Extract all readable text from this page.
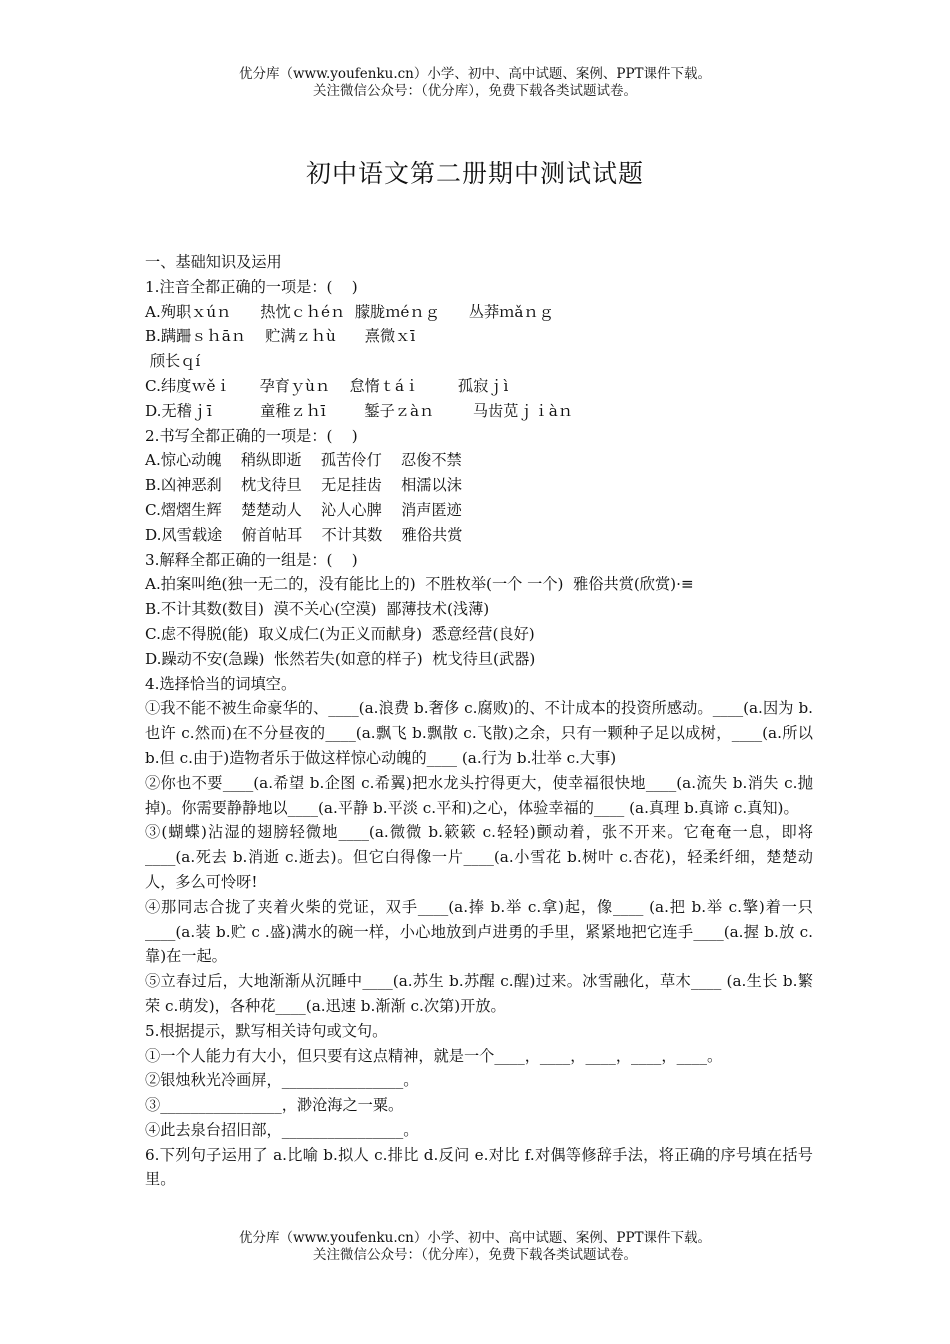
优分库（www.youfenku.cn）小学、初中、高中试题、案例、PPT课件下载。
关注微信公众号：（优分库），免费下载各类试题试卷。
初中语文第二册期中测试试题
一、基础知识及运用
1.注音全都正确的一项是：(    )
A.殉职ｘúｎ      热忱ｃｈéｎ  朦胧ｍéｎｇ      丛莽ｍǎｎｇ
B.蹒跚ｓｈāｎ    贮满ｚｈù      熹微ｘī
颀长ｑí
C.纬度ｗěｉ      孕育ｙùｎ    怠惰ｔáｉ        孤寂ｊì
D.无稽ｊī          童稚ｚｈī        錾子ｚàｎ        马齿苋ｊｉàｎ
2.书写全都正确的一项是：(    )
A.惊心动魄    稍纵即逝    孤苦伶仃    忍俊不禁
B.凶神恶刹    枕戈待旦    无足挂齿    相濡以沫
C.熠熠生辉    楚楚动人    沁人心脾    消声匿迹
D.风雪载途    俯首帖耳    不计其数    雅俗共赏
3.解释全都正确的一组是：(    )
A.拍案叫绝(独一无二的，没有能比上的)  不胜枚举(一个 一个)  雅俗共赏(欣赏)·≡
B.不计其数(数目)  漠不关心(空漠)  鄙薄技术(浅薄)
C.虑不得脱(能)  取义成仁(为正义而献身)  悉意经营(良好)
D.躁动不安(急躁)  怅然若失(如意的样子)  枕戈待旦(武器)
4.选择恰当的词填空。
①我不能不被生命豪华的、____(a.浪费 b.奢侈 c.腐败)的、不计成本的投资所感动。____(a.因为 b.也许 c.然而)在不分昼夜的____(a.飘飞 b.飘散 c.飞散)之余，只有一颗种子足以成树，____(a.所以 b.但 c.由于)造物者乐于做这样惊心动魄的____ (a.行为 b.壮举 c.大事)
②你也不要____(a.希望 b.企图 c.希翼)把水龙头拧得更大，使幸福很快地____(a.流失 b.消失 c.抛掉)。你需要静静地以____(a.平静 b.平淡 c.平和)之心，体验幸福的____ (a.真理 b.真谛 c.真知)。
③(蝴蝶)沾湿的翅膀轻微地____(a.微微 b.簌簌 c.轻轻)颤动着，张不开来。它奄奄一息，即将____(a.死去 b.消逝 c.逝去)。但它白得像一片____(a.小雪花 b.树叶 c.杏花)，轻柔纤细，楚楚动人，多么可怜呀!
④那同志合拢了夹着火柴的党证，双手____(a.捧 b.举 c.拿)起，像____ (a.把 b.举 c.擎)着一只____(a.装 b.贮 c .盛)满水的碗一样，小心地放到卢进勇的手里，紧紧地把它连手____(a.握 b.放 c.靠)在一起。
⑤立春过后，大地渐渐从沉睡中____(a.苏生 b.苏醒 c.醒)过来。冰雪融化，草木____ (a.生长 b.繁荣 c.萌发)，各种花____(a.迅速 b.渐渐 c.次第)开放。
5.根据提示，默写相关诗句或文句。
①一个人能力有大小，但只要有这点精神，就是一个____，____，____，____，____。
②银烛秋光冷画屏，________________。
③________________，渺沧海之一粟。
④此去泉台招旧部，________________。
6.下列句子运用了 a.比喻 b.拟人 c.排比 d.反问 e.对比 f.对偶等修辞手法，将正确的序号填在括号里。
优分库（www.youfenku.cn）小学、初中、高中试题、案例、PPT课件下载。
关注微信公众号：（优分库），免费下载各类试题试卷。
